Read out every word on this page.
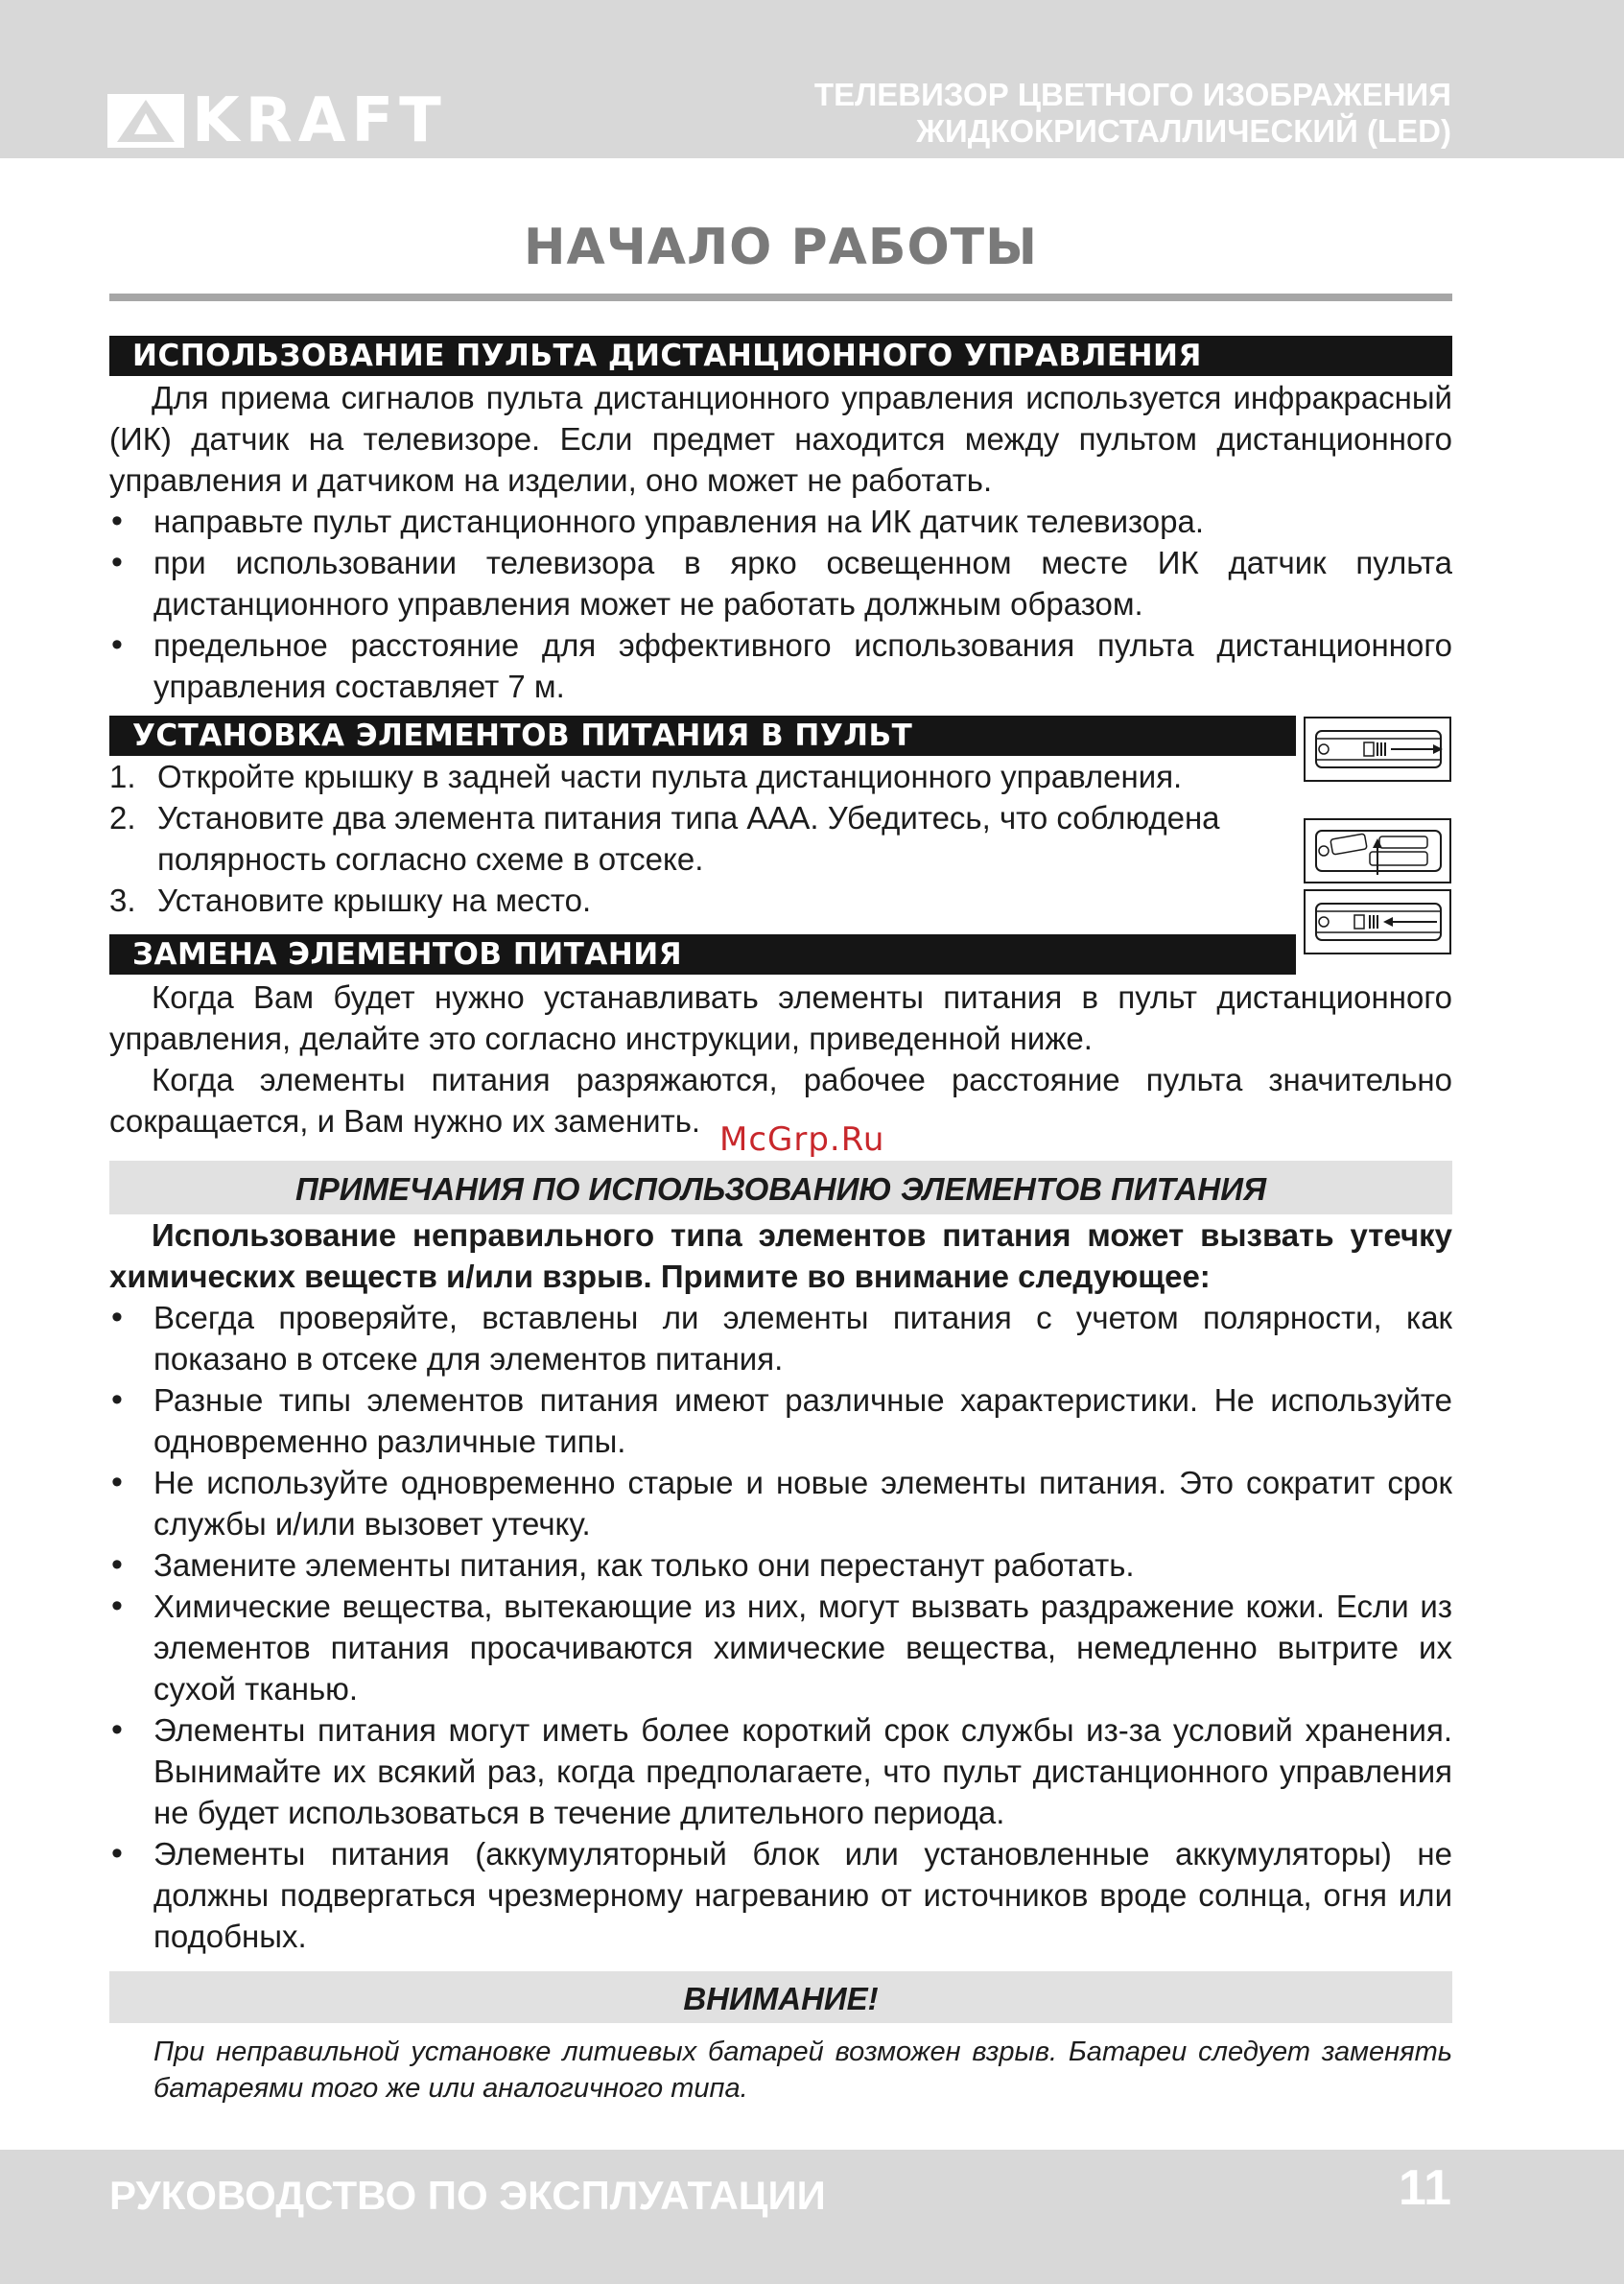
KRAFT	ТЕЛЕВИЗОР ЦВЕТНОГО ИЗОБРАЖЕНИЯ
ЖИДКОКРИСТАЛЛИЧЕСКИЙ (LED)
НАЧАЛО РАБОТЫ
ИСПОЛЬЗОВАНИЕ ПУЛЬТА ДИСТАНЦИОННОГО УПРАВЛЕНИЯ

Для приема сигналов пульта дистанционного управления используется инфракрасный (ИК) датчик на телевизоре. Если предмет находится между пультом дистанционного управления и датчиком на изделии, оно может не работать.

• направьте пульт дистанционного управления на ИК датчик телевизора.
• при использовании телевизора в ярко освещенном месте ИК датчик пульта дистанционного управления может не работать должным образом.
• предельное расстояние для эффективного использования пульта дистанционного управления составляет 7 м.
УСТАНОВКА ЭЛЕМЕНТОВ ПИТАНИЯ В ПУЛЬТ
1. Откройте крышку в задней части пульта дистанционного управления.
2. Установите два элемента питания типа AAA. Убедитесь, что соблюдена полярность согласно схеме в отсеке.
3. Установите крышку на место.
ЗАМЕНА ЭЛЕМЕНТОВ ПИТАНИЯ

Когда Вам будет нужно устанавливать элементы питания в пульт дистанционного управления, делайте это согласно инструкции, приведенной ниже.

Когда элементы питания разряжаются, рабочее расстояние пульта значительно сокращается, и Вам нужно их заменить. McGrp.Ru
ПРИМЕЧАНИЯ ПО ИСПОЛЬЗОВАНИЮ ЭЛЕМЕНТОВ ПИТАНИЯ

Использование неправильного типа элементов питания может вызвать утечку химических веществ и/или взрыв. Примите во внимание следующее:

• Всегда проверяйте, вставлены ли элементы питания с учетом полярности, как показано в отсеке для элементов питания.
• Разные типы элементов питания имеют различные характеристики. Не используйте одновременно различные типы.
• Не используйте одновременно старые и новые элементы питания. Это сократит срок службы и/или вызовет утечку.
• Замените элементы питания, как только они перестанут работать.
• Химические вещества, вытекающие из них, могут вызвать раздражение кожи. Если из элементов питания просачиваются химические вещества, немедленно вытрите их сухой тканью.
• Элементы питания могут иметь более короткий срок службы из-за условий хранения. Вынимайте их всякий раз, когда предполагаете, что пульт дистанционного управления не будет использоваться в течение длительного периода.
• Элементы питания (аккумуляторный блок или установленные аккумуляторы) не должны подвергаться чрезмерному нагреванию от источников вроде солнца, огня или подобных.
ВНИМАНИЕ!

При неправильной установке литиевых батарей возможен взрыв. Батареи следует заменять батареями того же или аналогичного типа.

РУКОВОДСТВО ПО ЭКСПЛУАТАЦИИ	11
